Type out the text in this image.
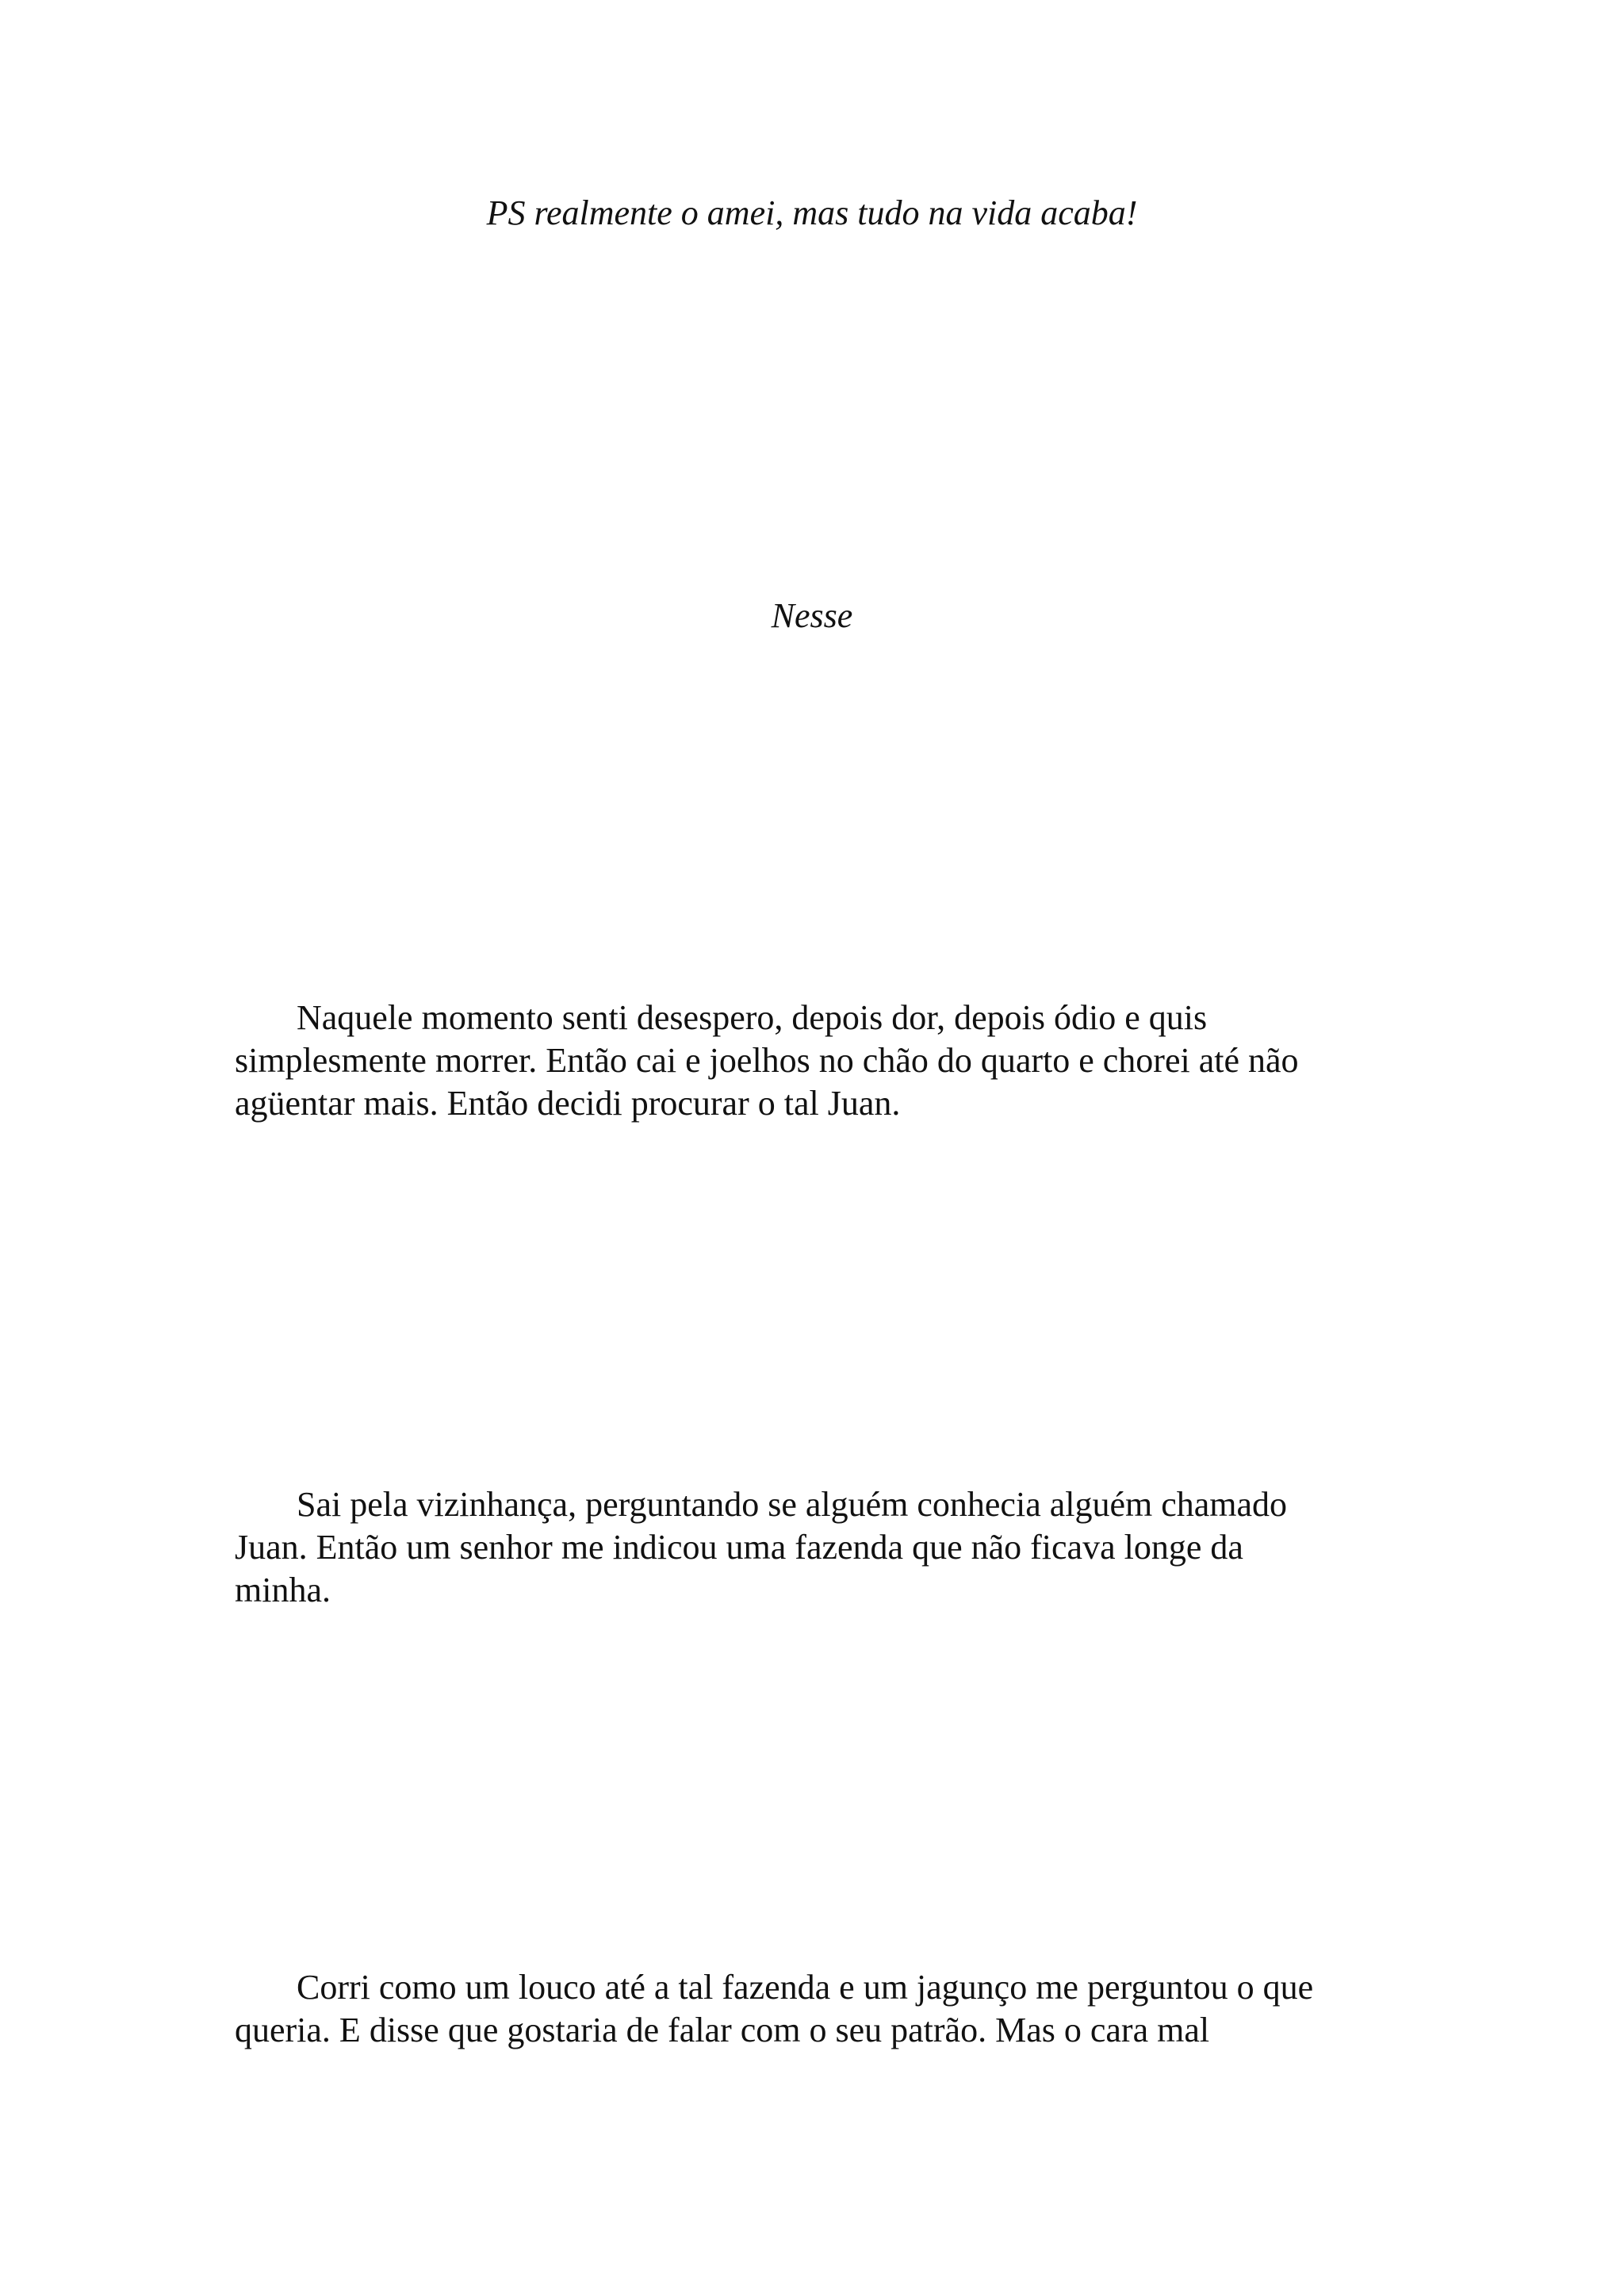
PS realmente o amei, mas tudo na vida acaba!
Nesse
Naquele momento senti desespero, depois dor, depois ódio e quis
simplesmente morrer. Então cai e joelhos no chão do quarto e chorei até não
agüentar mais. Então decidi procurar o tal Juan.
Sai pela vizinhança, perguntando se alguém conhecia alguém chamado
Juan. Então um senhor me indicou uma fazenda que não ficava longe da
minha.
Corri como um louco até a tal fazenda e um jagunço me perguntou o que
queria. E disse que gostaria de falar com o seu patrão. Mas o cara mal
